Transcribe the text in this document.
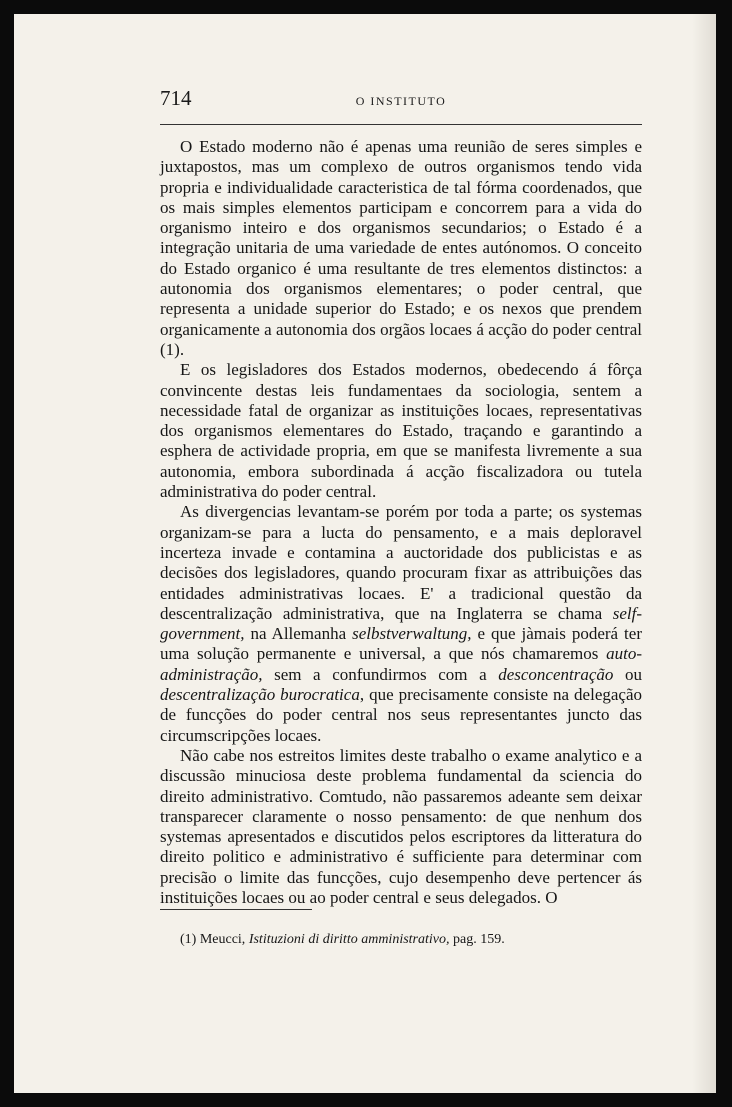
714	O INSTITUTO

O Estado moderno não é apenas uma reunião de seres simples e juxtapostos, mas um complexo de outros organismos tendo vida propria e individualidade caracteristica de tal fórma coordenados, que os mais simples elementos participam e concorrem para a vida do organismo inteiro e dos organismos secundarios; o Estado é a integração unitaria de uma variedade de entes autónomos. O conceito do Estado organico é uma resultante de tres elementos distinctos: a autonomia dos organismos elementares; o poder central, que representa a unidade superior do Estado; e os nexos que prendem organicamente a autonomia dos orgãos locaes á acção do poder central (1).

E os legisladores dos Estados modernos, obedecendo á fôrça convincente destas leis fundamentaes da sociologia, sentem a necessidade fatal de organizar as instituições locaes, representativas dos organismos elementares do Estado, traçando e garantindo a esphera de actividade propria, em que se manifesta livremente a sua autonomia, embora subordinada á acção fiscalizadora ou tutela administrativa do poder central.

As divergencias levantam-se porém por toda a parte; os systemas organizam-se para a lucta do pensamento, e a mais deploravel incerteza invade e contamina a auctoridade dos publicistas e as decisões dos legisladores, quando procuram fixar as attribuições das entidades administrativas locaes. E' a tradicional questão da descentralização administrativa, que na Inglaterra se chama self-government, na Allemanha selbstverwaltung, e que jàmais poderá ter uma solução permanente e universal, a que nós chamaremos auto-administração, sem a confundirmos com a desconcentração ou descentralização burocratica, que precisamente consiste na delegação de funcções do poder central nos seus representantes juncto das circumscripções locaes.

Não cabe nos estreitos limites deste trabalho o exame analytico e a discussão minuciosa deste problema fundamental da sciencia do direito administrativo. Comtudo, não passaremos adeante sem deixar transparecer claramente o nosso pensamento: de que nenhum dos systemas apresentados e discutidos pelos escriptores da litteratura do direito politico e administrativo é sufficiente para determinar com precisão o limite das funcções, cujo desempenho deve pertencer ás instituições locaes ou ao poder central e seus delegados. O

(1) Meucci, Istituzioni di diritto amministrativo, pag. 159.
